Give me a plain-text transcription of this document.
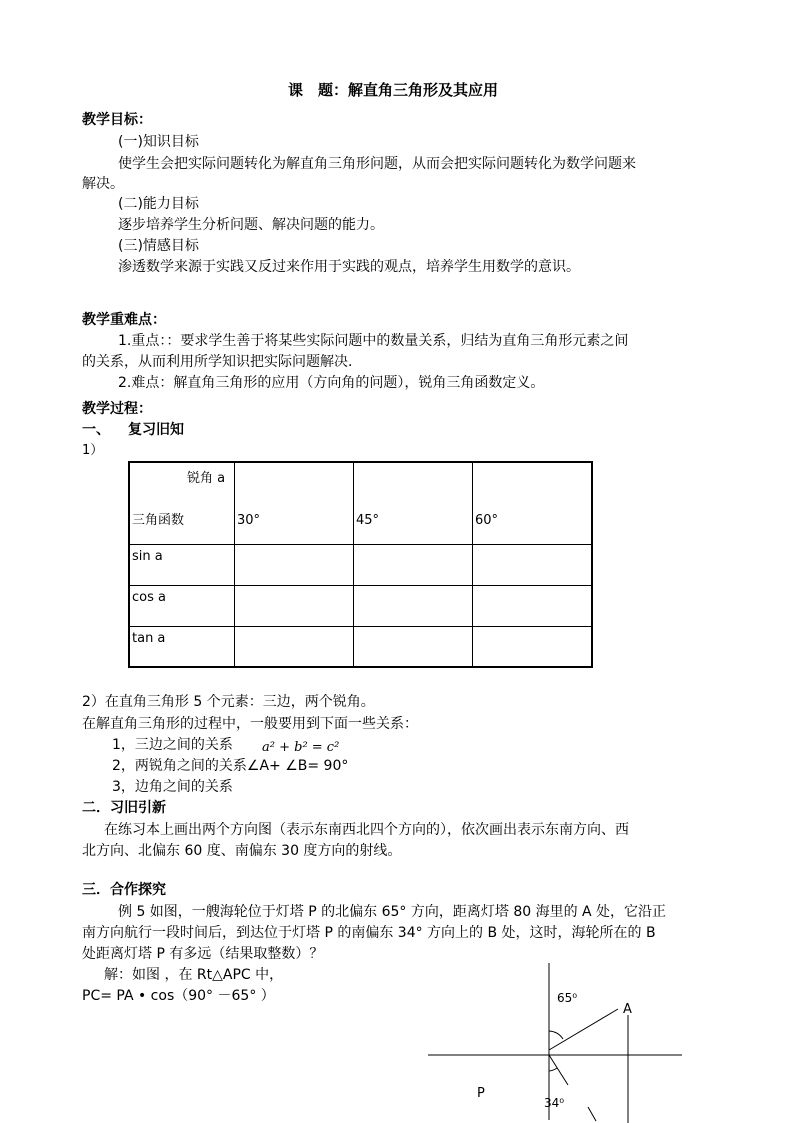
课　题：解直角三角形及其应用
教学目标：
(一)知识目标
使学生会把实际问题转化为解直角三角形问题，从而会把实际问题转化为数学问题来
解决。
(二)能力目标
逐步培养学生分析问题、解决问题的能力。
(三)情感目标
渗透数学来源于实践又反过来作用于实践的观点，培养学生用数学的意识。
教学重难点：
1.重点：：要求学生善于将某些实际问题中的数量关系，归结为直角三角形元素之间
的关系，从而利用所学知识把实际问题解决.
2.难点：解直角三角形的应用（方向角的问题），锐角三角函数定义。
教学过程：
一、 复习旧知
1）
锐角 a
三角函数	30°	45°	60°
sin a			
cos a			
tan a			
2）在直角三角形 5 个元素：三边，两个锐角。
在解直角三角形的过程中，一般要用到下面一些关系：
1，三边之间的关系 a² + b² = c²
2，两锐角之间的关系∠A+ ∠B= 90°
3，边角之间的关系
二．习旧引新
在练习本上画出两个方向图（表示东南西北四个方向的），依次画出表示东南方向、西
北方向、北偏东 60 度、南偏东 30 度方向的射线。
三．合作探究
例 5 如图，一艘海轮位于灯塔 P 的北偏东 65° 方向，距离灯塔 80 海里的 A 处，它沿正
南方向航行一段时间后，到达位于灯塔 P 的南偏东 34° 方向上的 B 处，这时，海轮所在的 B
处距离灯塔 P 有多远（结果取整数）？
解：如图 ，在 Rt△APC 中，
PC= PA • cos（90° －65° ）	65⁰
34⁰
A
P
